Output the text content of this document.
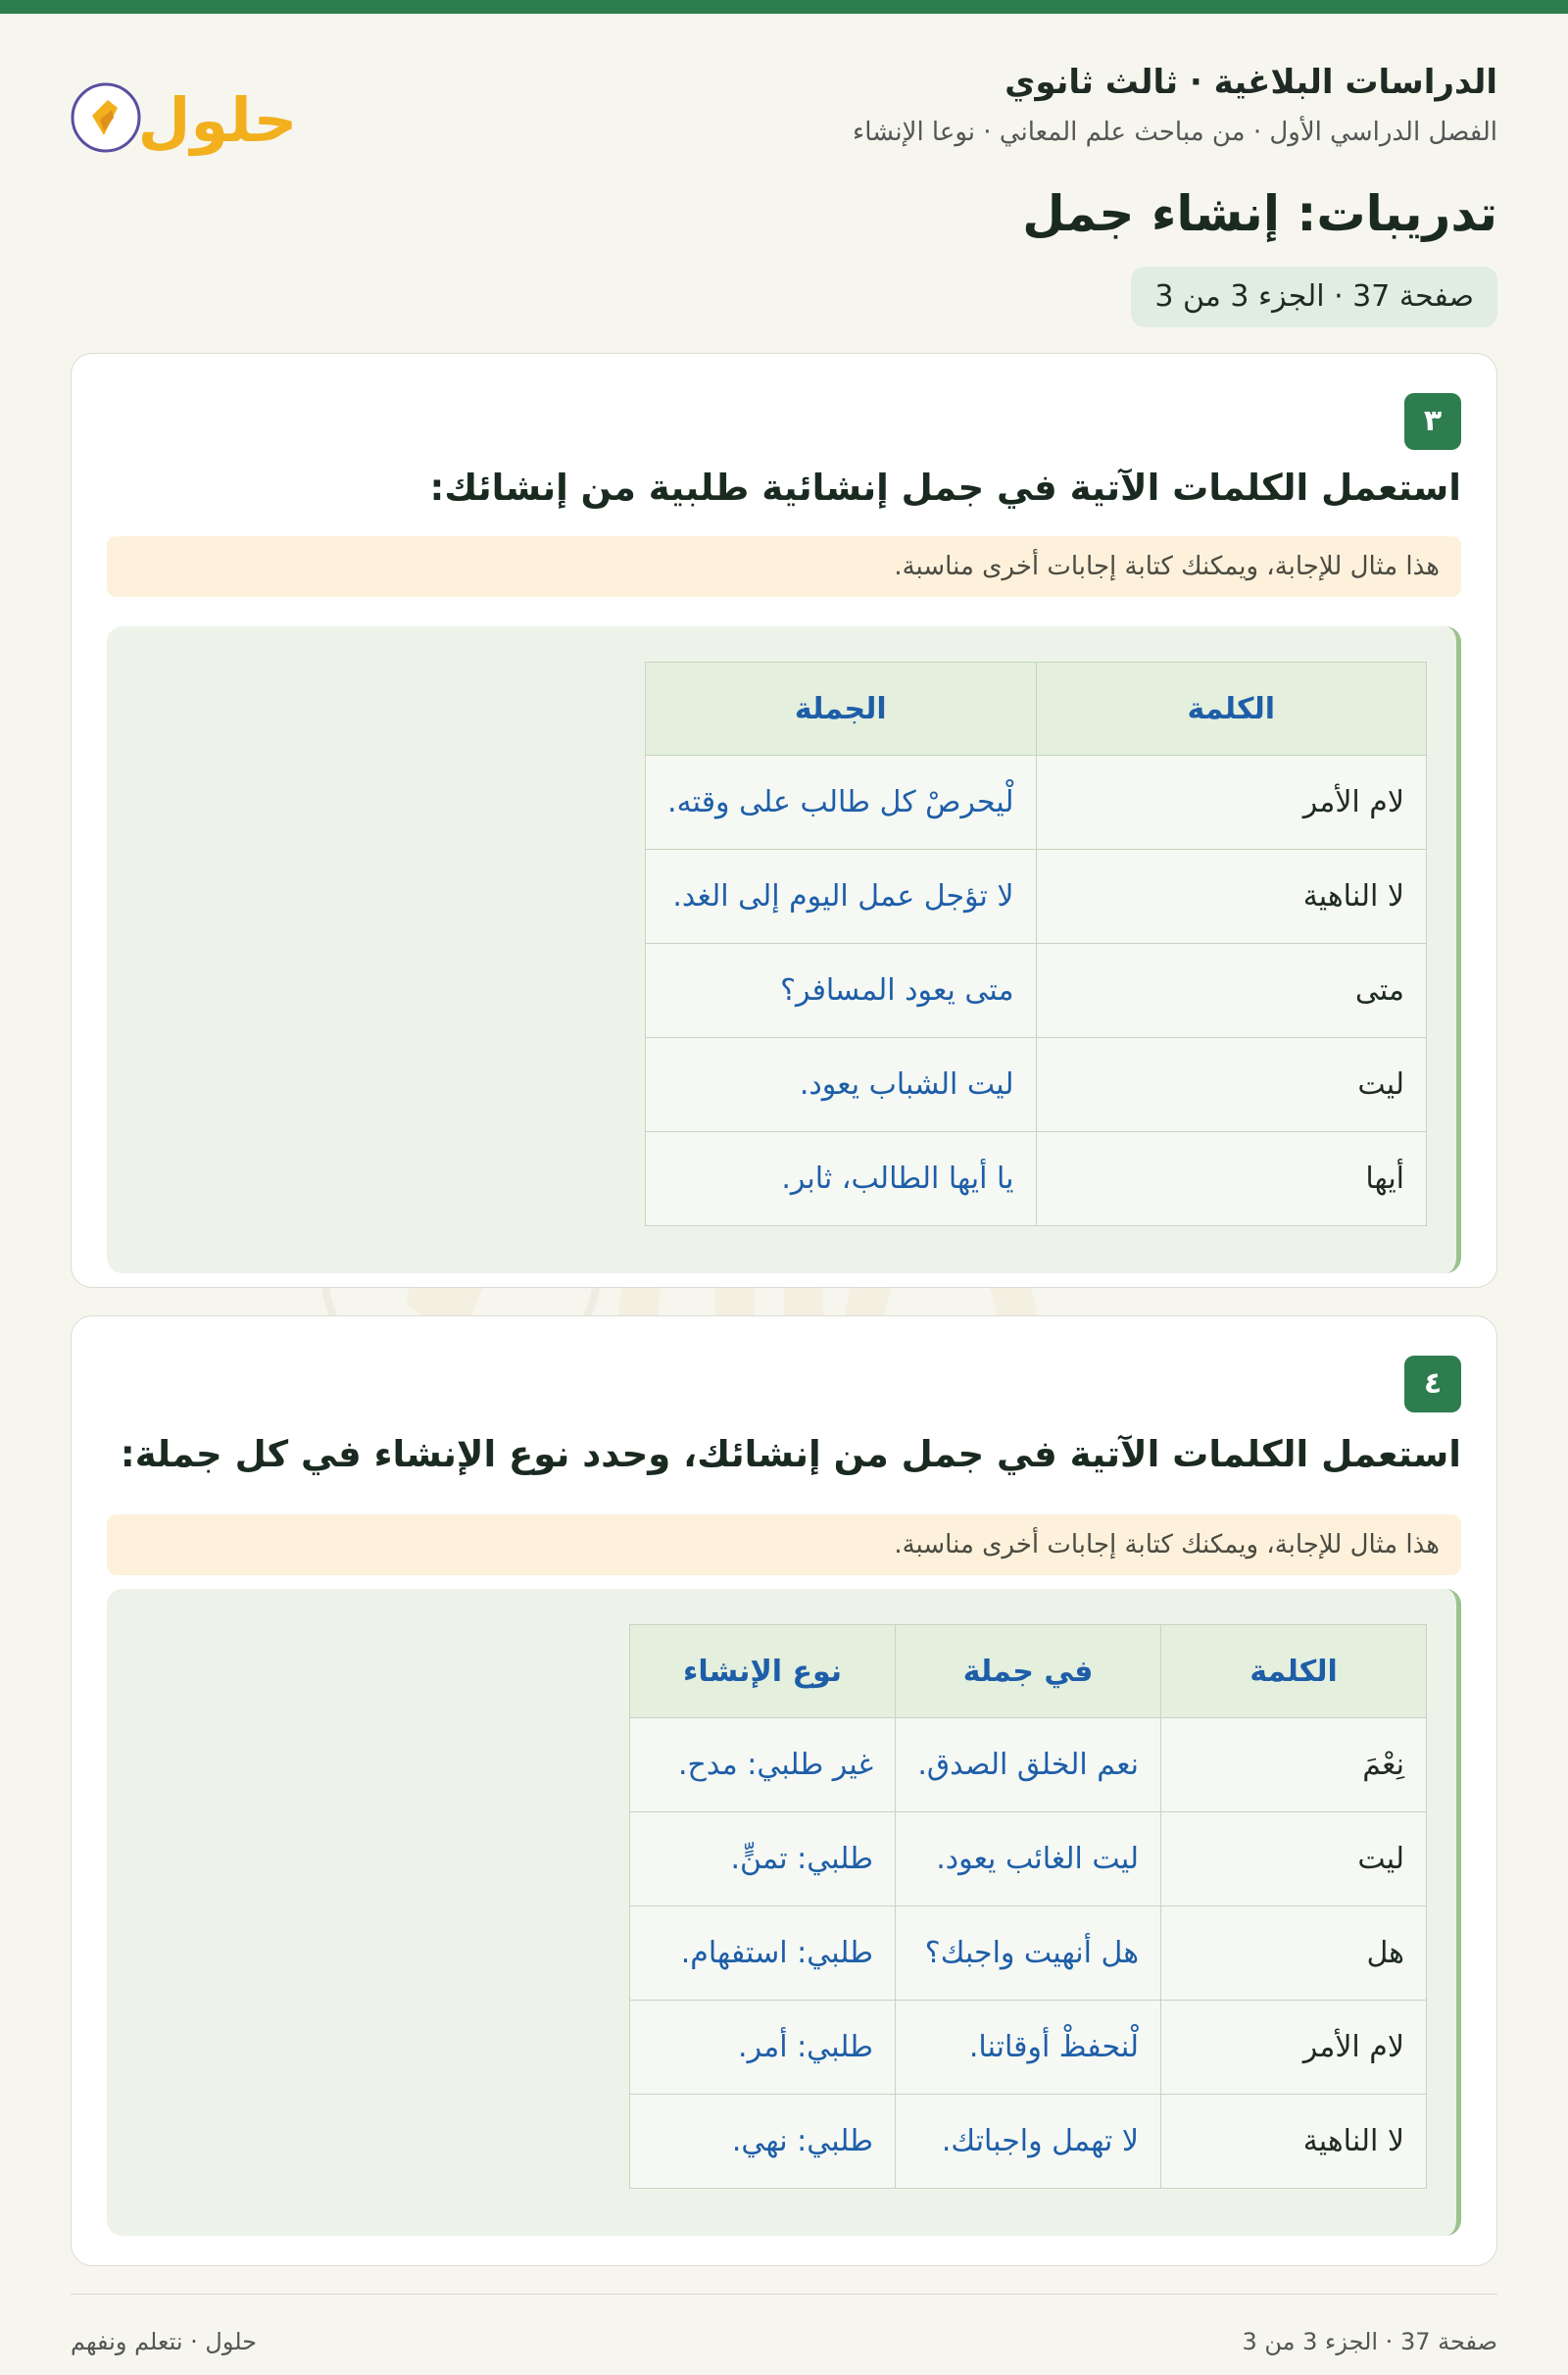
الدراسات البلاغية · ثالث ثانوي

الفصل الدراسي الأول · من مباحث علم المعاني · نوعا الإنشاء
تدريبات: إنشاء جمل
صفحة 37 · الجزء 3 من 3
حلول
٣
استعمل الكلمات الآتية في جمل إنشائية طلبية من إنشائك:
هذا مثال للإجابة، ويمكنك كتابة إجابات أخرى مناسبة.
الكلمة	الجملة
لام الأمر	لْيحرصْ كل طالب على وقته.
لا الناهية	لا تؤجل عمل اليوم إلى الغد.
متى	متى يعود المسافر؟
ليت	ليت الشباب يعود.
أيها	يا أيها الطالب، ثابر.
٤
استعمل الكلمات الآتية في جمل من إنشائك، وحدد نوع الإنشاء في كل جملة:
هذا مثال للإجابة، ويمكنك كتابة إجابات أخرى مناسبة.
الكلمة	في جملة	نوع الإنشاء
نِعْمَ	نعم الخلق الصدق.	غير طلبي: مدح.
ليت	ليت الغائب يعود.	طلبي: تمنٍّ.
هل	هل أنهيت واجبك؟	طلبي: استفهام.
لام الأمر	لْنحفظْ أوقاتنا.	طلبي: أمر.
لا الناهية	لا تهمل واجباتك.	طلبي: نهي.
صفحة 37 · الجزء 3 من 3
حلول · نتعلم ونفهم
